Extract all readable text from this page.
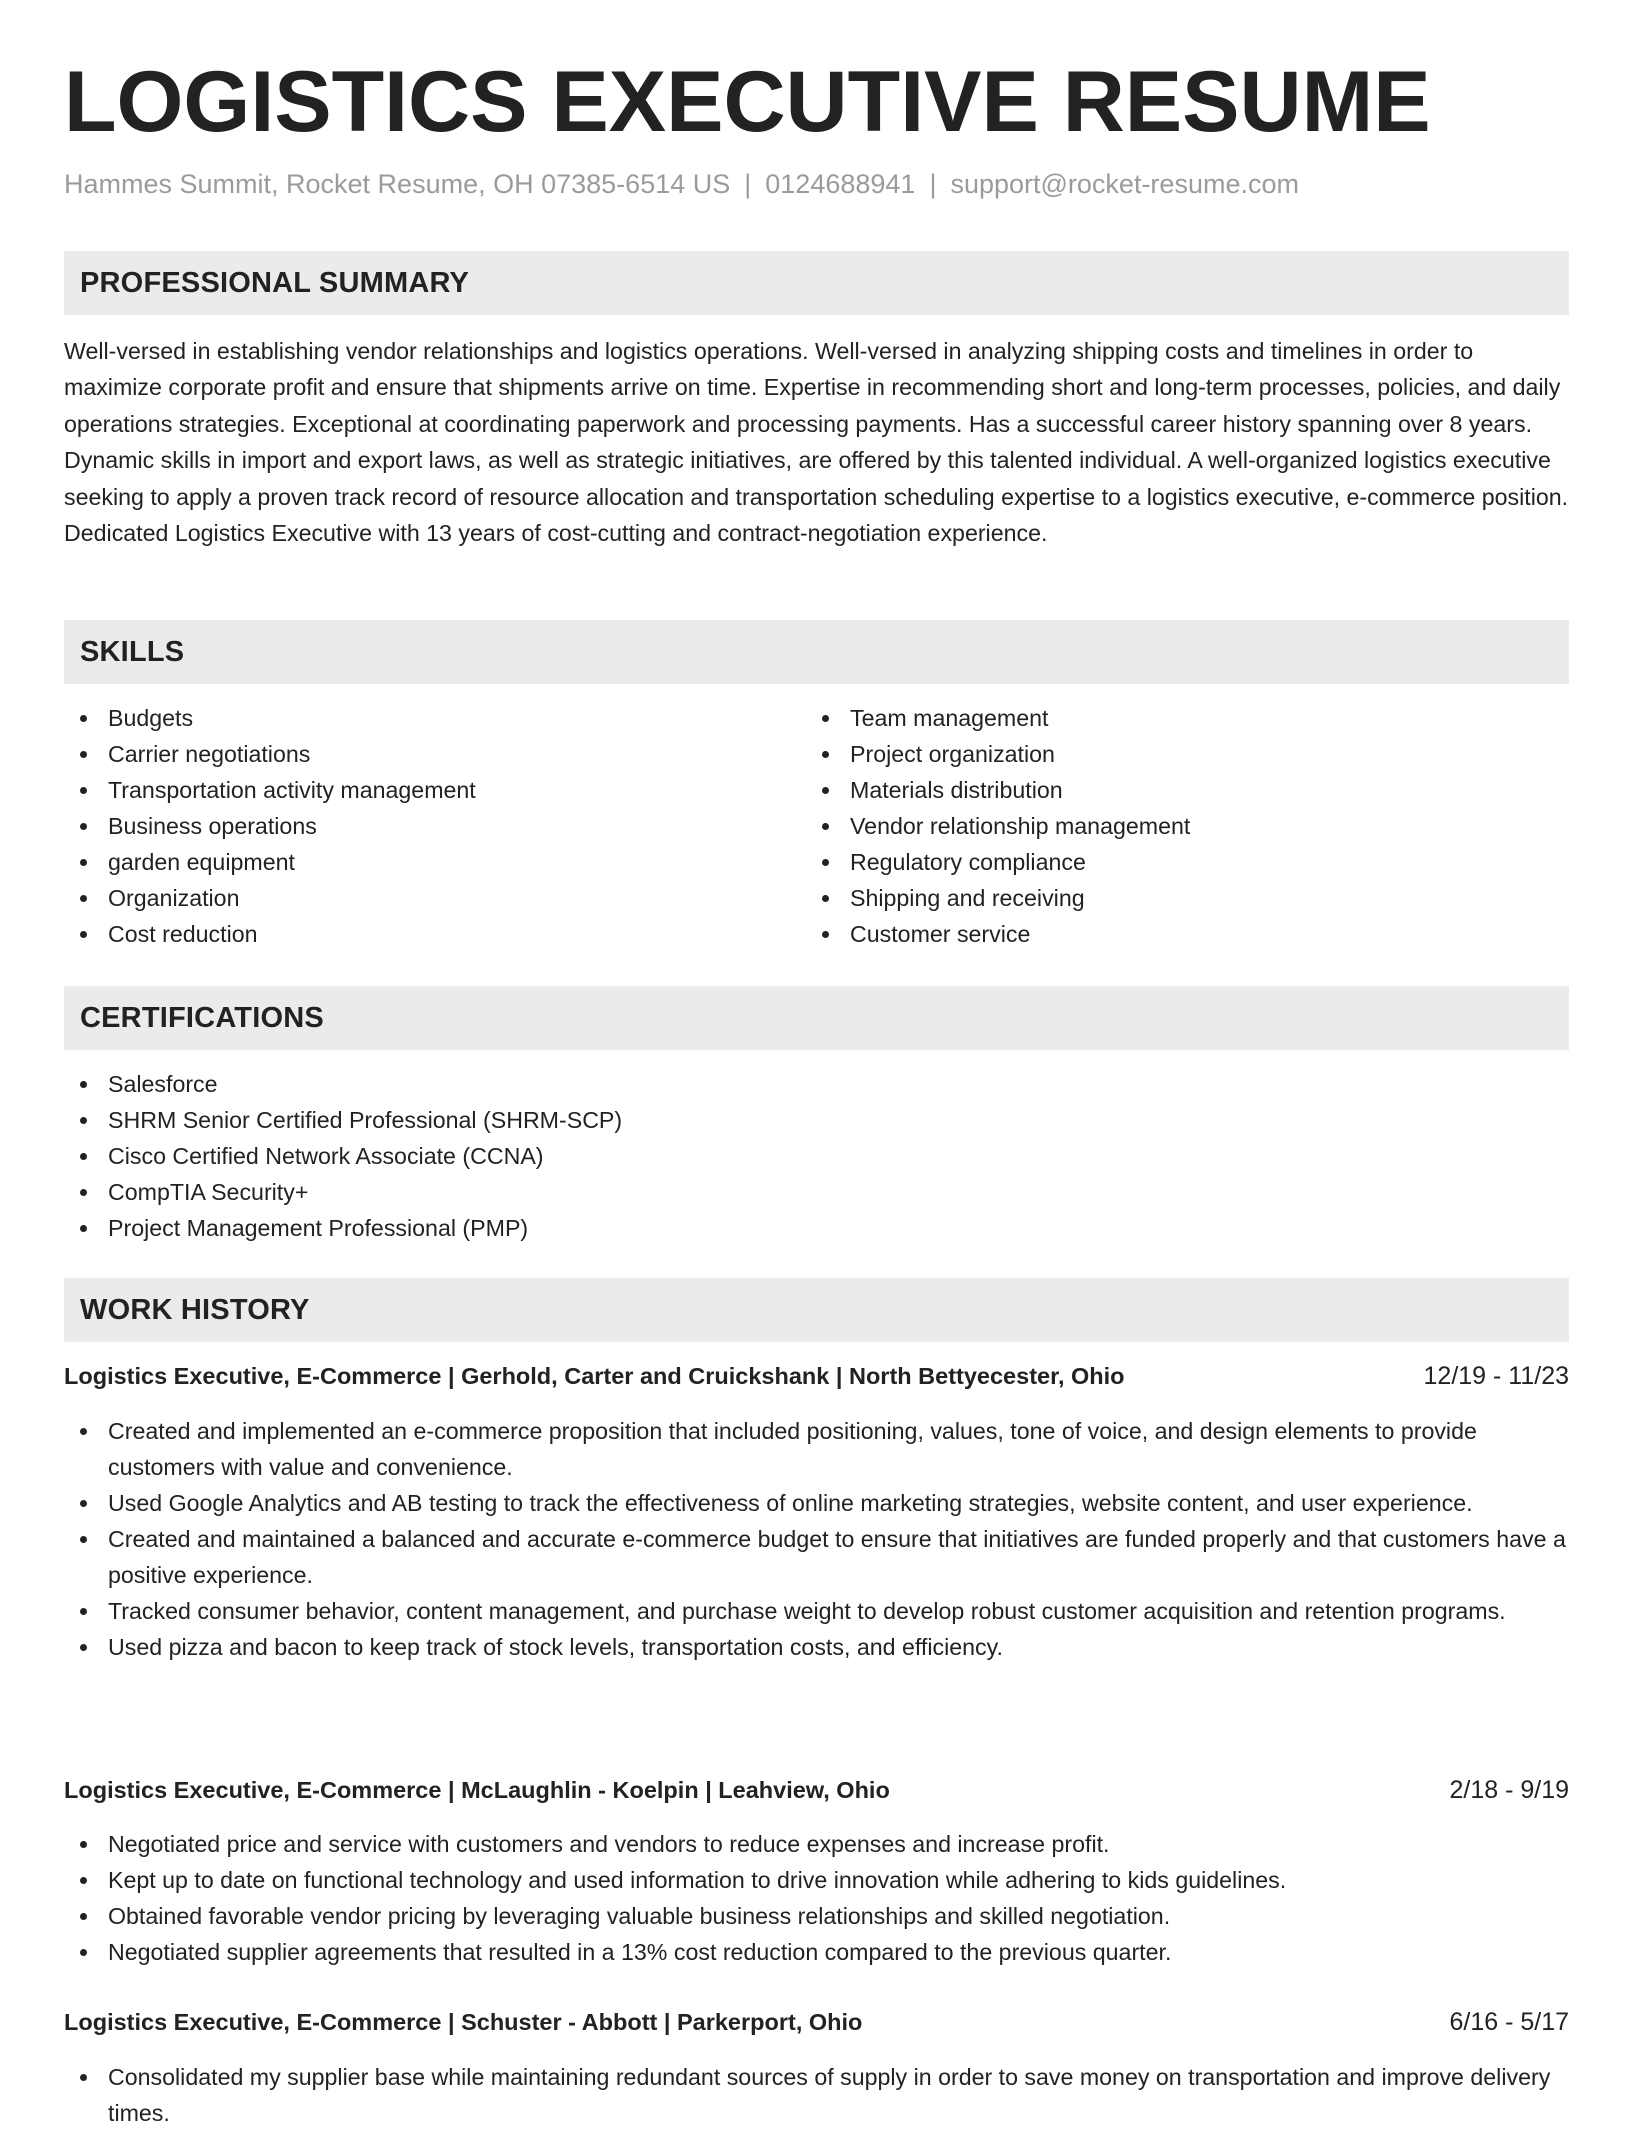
LOGISTICS EXECUTIVE RESUME
Hammes Summit, Rocket Resume, OH 07385-6514 US | 0124688941 | support@rocket-resume.com
PROFESSIONAL SUMMARY

Well-versed in establishing vendor relationships and logistics operations. Well-versed in analyzing shipping costs and timelines in order to maximize corporate profit and ensure that shipments arrive on time. Expertise in recommending short and long-term processes, policies, and daily operations strategies. Exceptional at coordinating paperwork and processing payments. Has a successful career history spanning over 8 years. Dynamic skills in import and export laws, as well as strategic initiatives, are offered by this talented individual. A well-organized logistics executive seeking to apply a proven track record of resource allocation and transportation scheduling expertise to a logistics executive, e-commerce position. Dedicated Logistics Executive with 13 years of cost-cutting and contract-negotiation experience.

SKILLS
Budgets
Carrier negotiations
Transportation activity management
Business operations
garden equipment
Organization
Cost reduction
Team management
Project organization
Materials distribution
Vendor relationship management
Regulatory compliance
Shipping and receiving
Customer service
CERTIFICATIONS
Salesforce
SHRM Senior Certified Professional (SHRM-SCP)
Cisco Certified Network Associate (CCNA)
CompTIA Security+
Project Management Professional (PMP)
WORK HISTORY
Logistics Executive, E-Commerce | Gerhold, Carter and Cruickshank | North Bettyecester, Ohio	12/19 - 11/23
Created and implemented an e-commerce proposition that included positioning, values, tone of voice, and design elements to provide customers with value and convenience.
Used Google Analytics and AB testing to track the effectiveness of online marketing strategies, website content, and user experience.
Created and maintained a balanced and accurate e-commerce budget to ensure that initiatives are funded properly and that customers have a positive experience.
Tracked consumer behavior, content management, and purchase weight to develop robust customer acquisition and retention programs.
Used pizza and bacon to keep track of stock levels, transportation costs, and efficiency.
Logistics Executive, E-Commerce | McLaughlin - Koelpin | Leahview, Ohio	2/18 - 9/19
Negotiated price and service with customers and vendors to reduce expenses and increase profit.
Kept up to date on functional technology and used information to drive innovation while adhering to kids guidelines.
Obtained favorable vendor pricing by leveraging valuable business relationships and skilled negotiation.
Negotiated supplier agreements that resulted in a 13% cost reduction compared to the previous quarter.
Logistics Executive, E-Commerce | Schuster - Abbott | Parkerport, Ohio	6/16 - 5/17
Consolidated my supplier base while maintaining redundant sources of supply in order to save money on transportation and improve delivery times.
